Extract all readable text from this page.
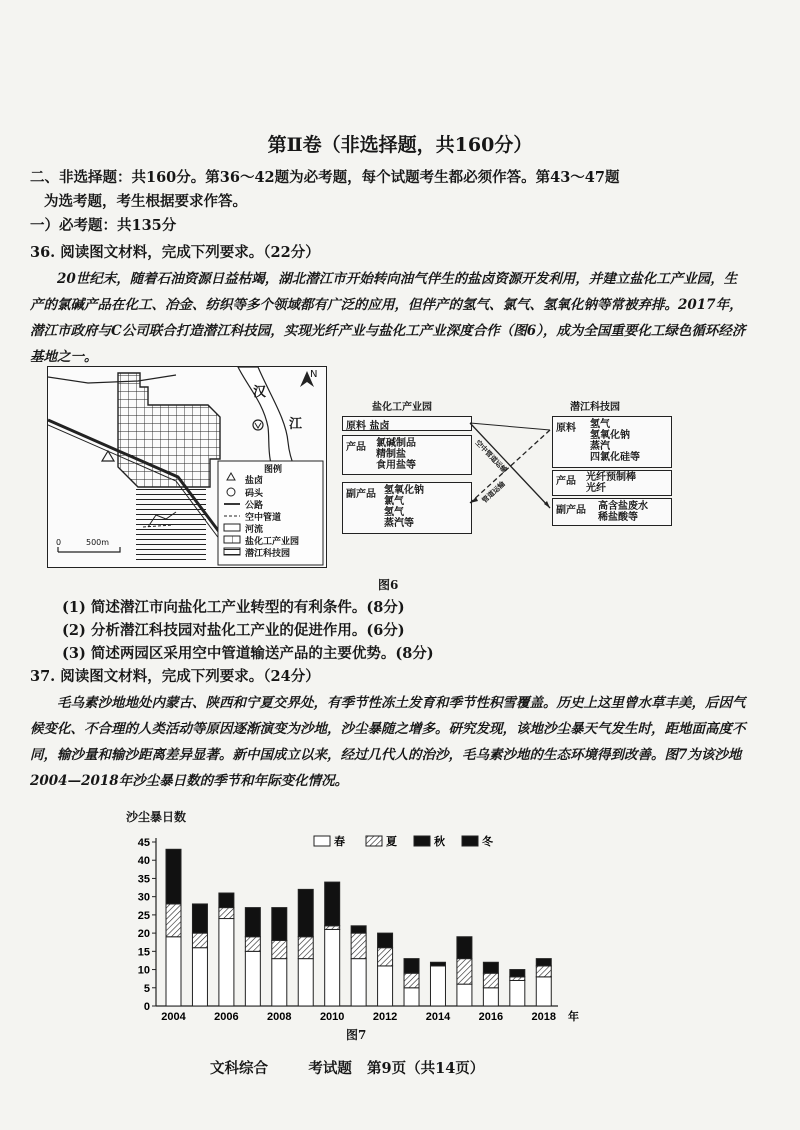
第Ⅱ卷（非选择题，共160分）
二、非选择题：共160分。第36～42题为必考题，每个试题考生都必须作答。第43～47题
为选考题，考生根据要求作答。
一）必考题：共135分
36. 阅读图文材料，完成下列要求。（22分）

20世纪末，随着石油资源日益枯竭，湖北潜江市开始转向油气伴生的盐卤资源开发利用，并建立盐化工产业园，生产的氯碱产品在化工、冶金、纺织等多个领域都有广泛的应用，但伴产的氢气、氯气、氢氧化钠等常被弃排。2017年，潜江市政府与C公司联合打造潜江科技园，实现光纤产业与盐化工产业深度合作（图6），成为全国重要化工绿色循环经济基地之一。

汉
江
N
0	500m
图例
盐卤
码头
公路
空中管道
河流
盐化工产业园
潜江科技园
盐化工产业园
原料 盐卤
产品 氯碱制品
精制盐
食用盐等
副产品 氢氧化钠
氯气
氢气
蒸汽等
潜江科技园
原料 氢气
氢氧化钠
蒸汽
四氯化硅等
产品 光纤预制棒
光纤
副产品 高含盐废水
稀盐酸等
空中管道运输
管道运输
图6
(1) 简述潜江市向盐化工产业转型的有利条件。(8分)
(2) 分析潜江科技园对盐化工产业的促进作用。(6分)
(3) 简述两园区采用空中管道输送产品的主要优势。(8分)
37. 阅读图文材料，完成下列要求。（24分）

毛乌素沙地地处内蒙古、陕西和宁夏交界处，有季节性冻土发育和季节性积雪覆盖。历史上这里曾水草丰美，后因气候变化、不合理的人类活动等原因逐渐演变为沙地，沙尘暴随之增多。研究发现，该地沙尘暴天气发生时，距地面高度不同，输沙量和输沙距离差异显著。新中国成立以来，经过几代人的治沙，毛乌素沙地的生态环境得到改善。图7为该沙地2004—2018年沙尘暴日数的季节和年际变化情况。

沙尘暴日数
0
5
10
15
20
25
30
35
40
45
2004	2006	2008	2010	2012	2014	2016	2018 年
春	夏	秋	冬
图7
文科综合        考试题   第9页（共14页）
